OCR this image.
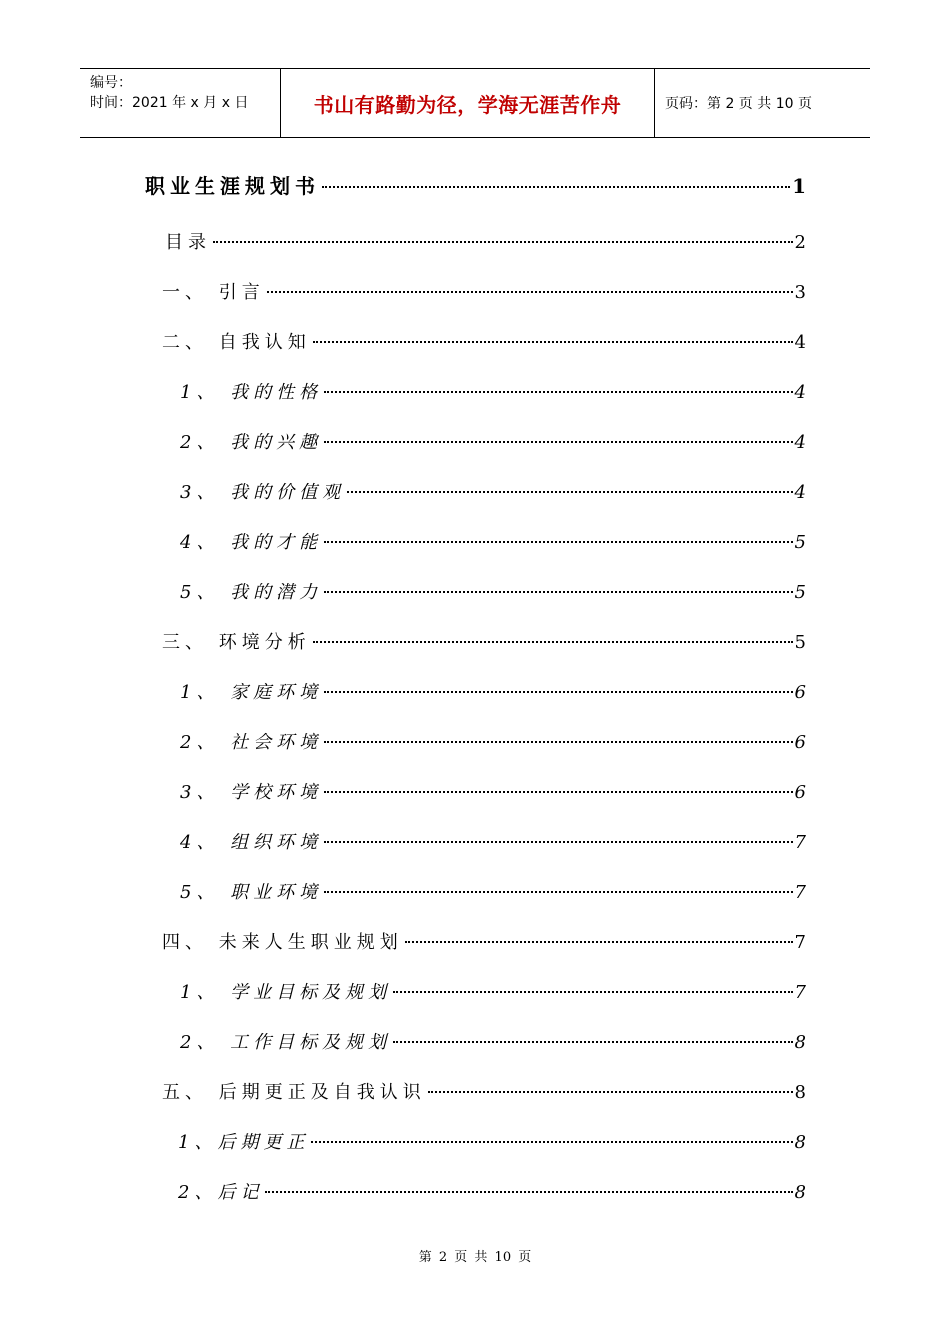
编号：
时间：2021 年 x 月 x 日	书山有路勤为径，学海无涯苦作舟	页码：第 2 页 共 10 页
职业生涯规划书	1
目录	2
一、 引言	3
二、 自我认知	4
1、 我的性格	4
2、 我的兴趣	4
3、 我的价值观	4
4、 我的才能	5
5、 我的潜力	5
三、 环境分析	5
1、 家庭环境	6
2、 社会环境	6
3、 学校环境	6
4、 组织环境	7
5、 职业环境	7
四、 未来人生职业规划	7
1、 学业目标及规划	7
2、 工作目标及规划	8
五、 后期更正及自我认识	8
1、后期更正	8
2、后记	8
第 2 页 共 10 页
